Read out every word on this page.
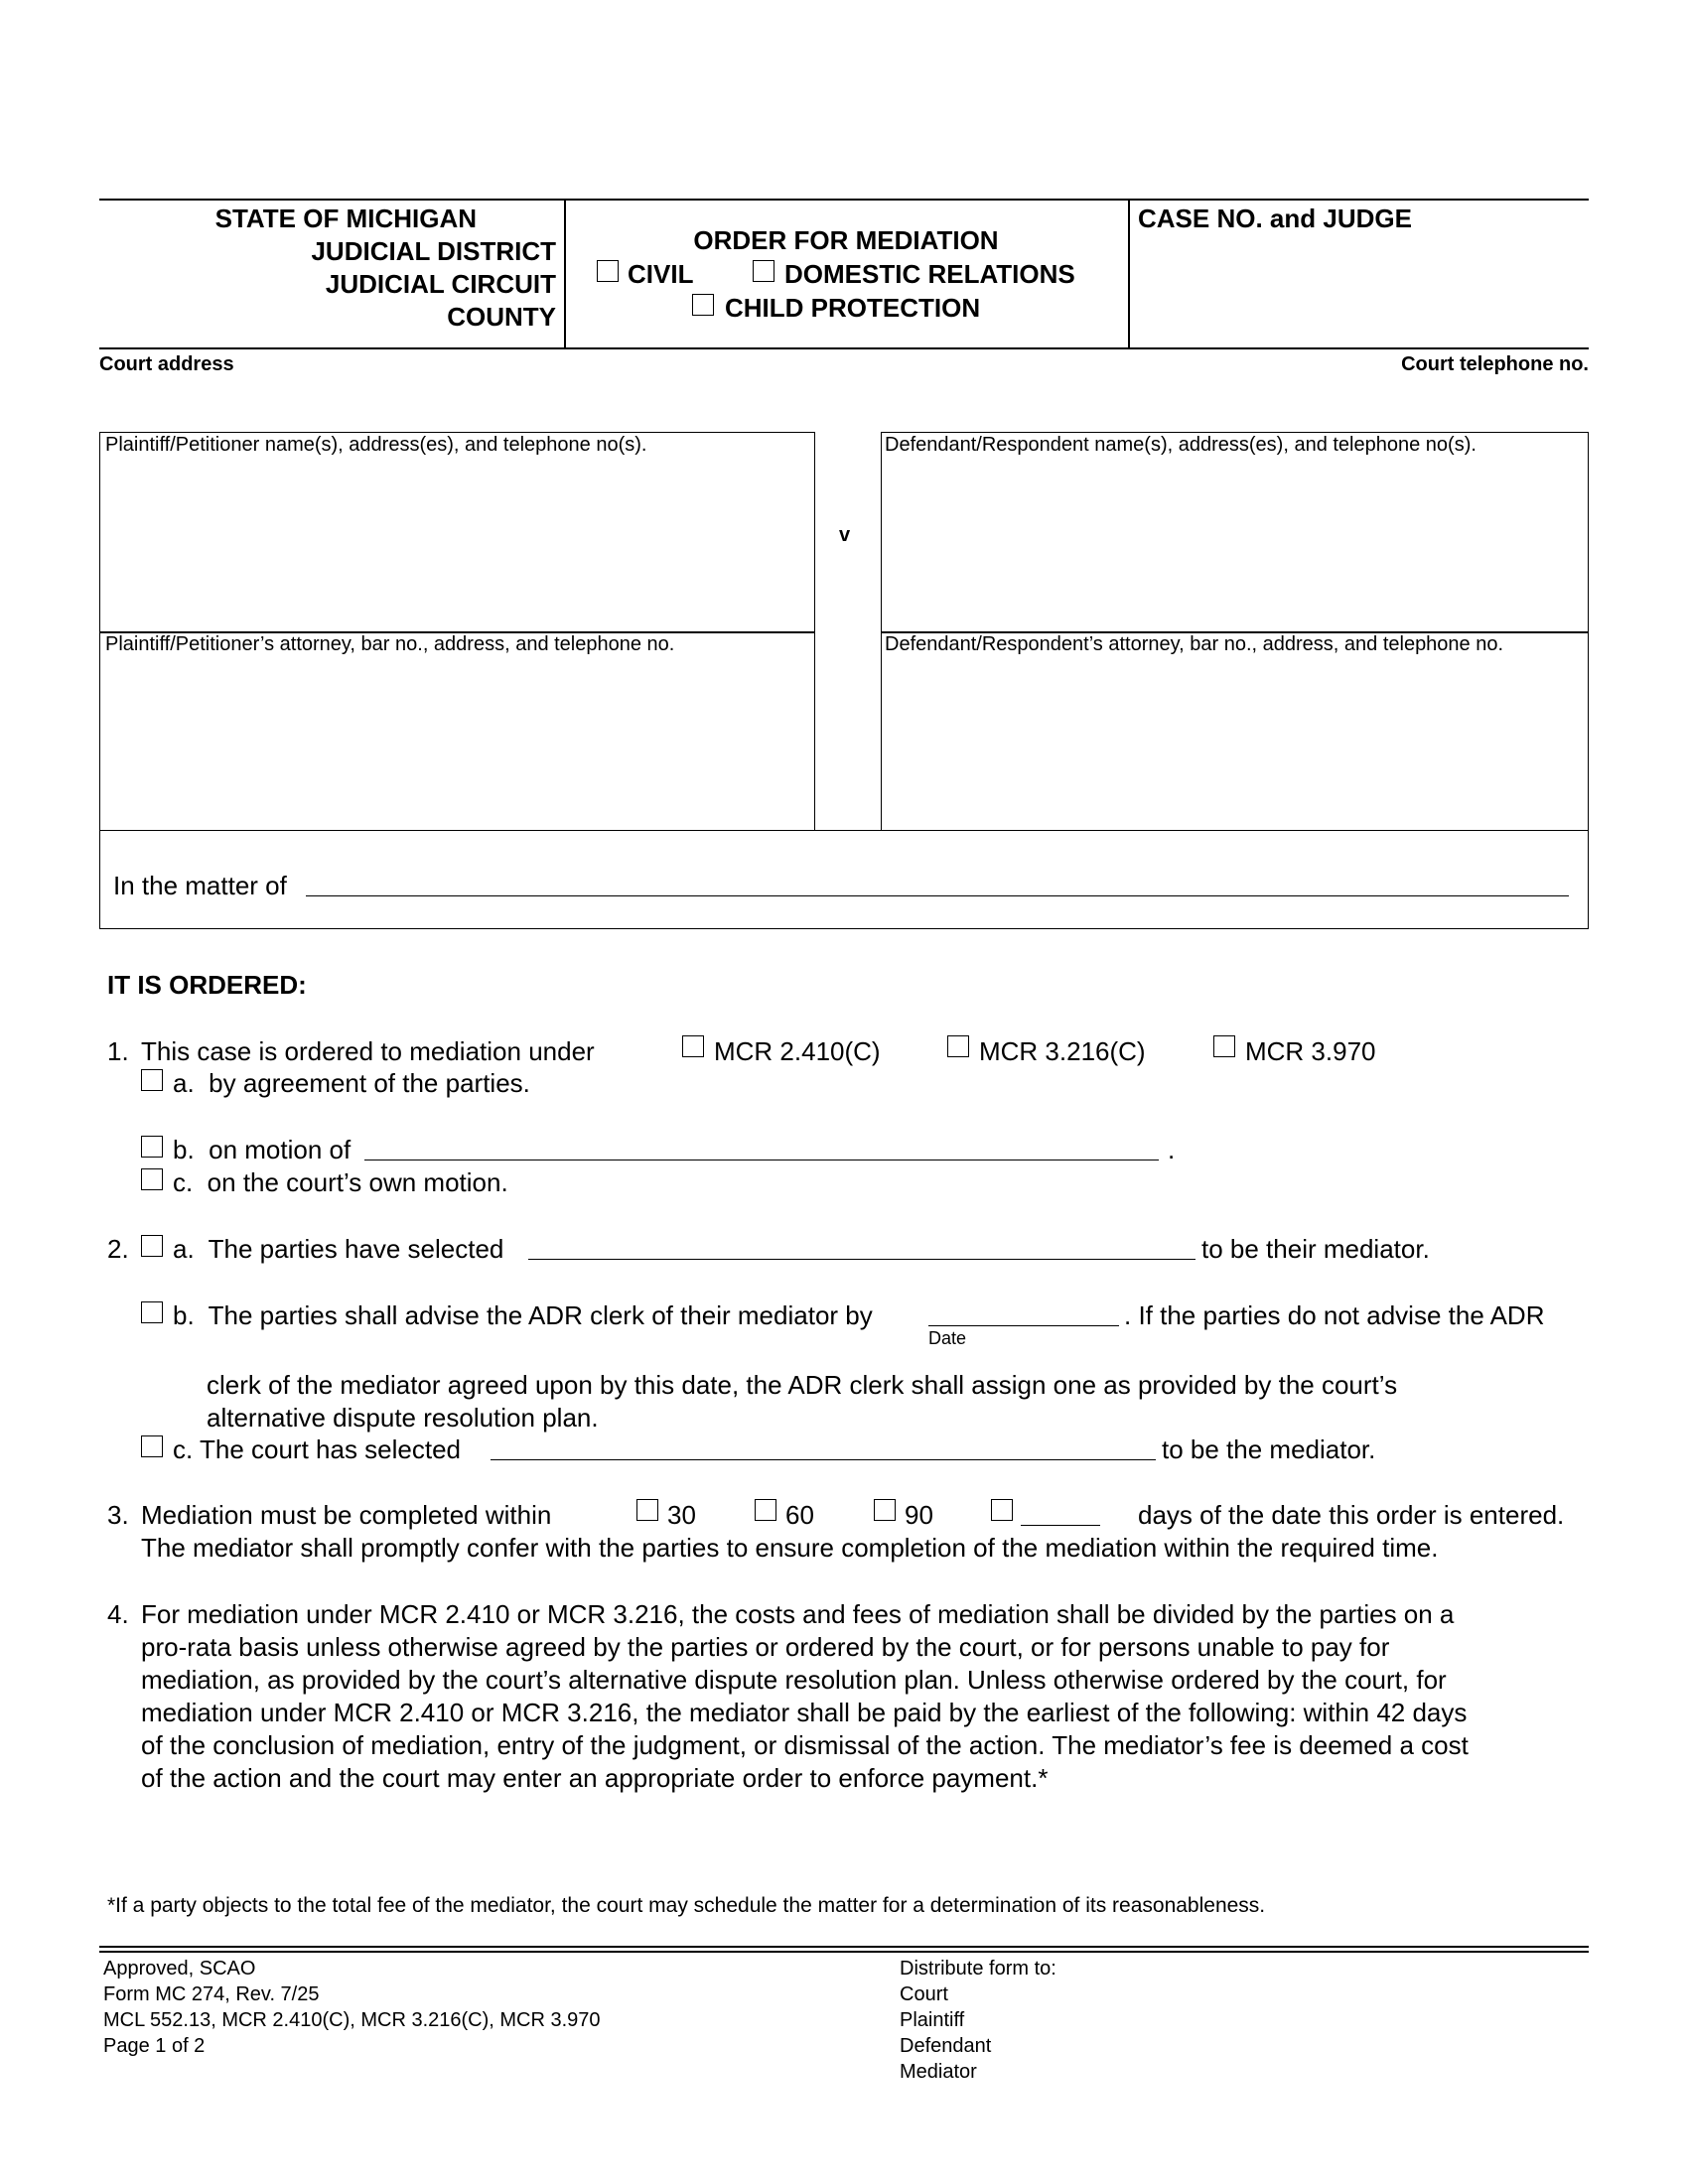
STATE OF MICHIGAN
JUDICIAL DISTRICT
JUDICIAL CIRCUIT
COUNTY
ORDER FOR MEDIATION
CIVIL	DOMESTIC RELATIONS
CHILD PROTECTION
CASE NO. and JUDGE
Court address	Court telephone no.
Plaintiff/Petitioner name(s), address(es), and telephone no(s).	Defendant/Respondent name(s), address(es), and telephone no(s).
v
Plaintiff/Petitioner’s attorney, bar no., address, and telephone no.	Defendant/Respondent’s attorney, bar no., address, and telephone no.
In the matter of
IT IS ORDERED:
1. This case is ordered to mediation under	MCR 2.410(C)	MCR 3.216(C)	MCR 3.970
a.  by agreement of the parties.
b.  on motion of	.
c.  on the court’s own motion.
2. a.  The parties have selected	to be their mediator.
b.  The parties shall advise the ADR clerk of their mediator by
Date
. If the parties do not advise the ADR
clerk of the mediator agreed upon by this date, the ADR clerk shall assign one as provided by the court’s
alternative dispute resolution plan.
c. The court has selected	to be the mediator.
3. Mediation must be completed within	30	60	90	days of the date this order is entered.
The mediator shall promptly confer with the parties to ensure completion of the mediation within the required time.
4. For mediation under MCR 2.410 or MCR 3.216, the costs and fees of mediation shall be divided by the parties on a
pro-rata basis unless otherwise agreed by the parties or ordered by the court, or for persons unable to pay for
mediation, as provided by the court’s alternative dispute resolution plan. Unless otherwise ordered by the court, for
mediation under MCR 2.410 or MCR 3.216, the mediator shall be paid by the earliest of the following: within 42 days
of the conclusion of mediation, entry of the judgment, or dismissal of the action. The mediator’s fee is deemed a cost
of the action and the court may enter an appropriate order to enforce payment.*
*If a party objects to the total fee of the mediator, the court may schedule the matter for a determination of its reasonableness.
Approved, SCAO
Form MC 274, Rev. 7/25
MCL 552.13, MCR 2.410(C), MCR 3.216(C), MCR 3.970
Page 1 of 2
Distribute form to:
Court
Plaintiff
Defendant
Mediator
